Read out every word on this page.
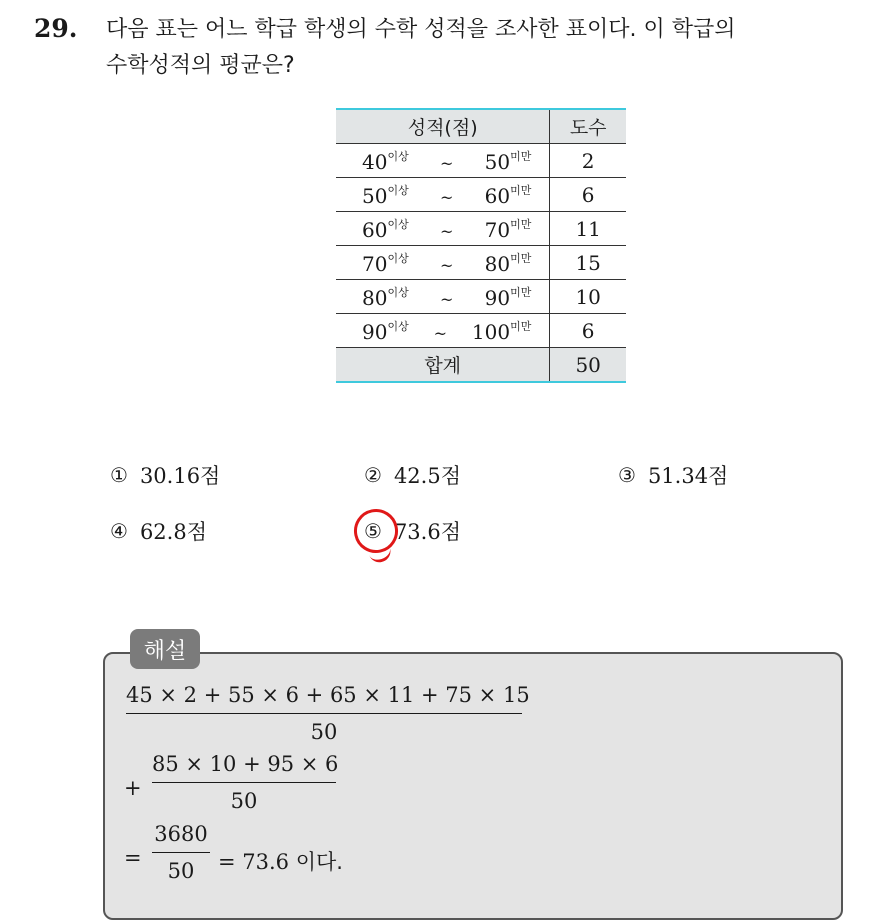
29. 다음 표는 어느 학급 학생의 수학 성적을 조사한 표이다. 이 학급의
수학성적의 평균은?
성적(점)	도수

$40^{이상}$ ~ $50^{미만}$	2

$50^{이상}$ ~ $60^{미만}$	6

$60^{이상}$ ~ $70^{미만}$	11

$70^{이상}$ ~ $80^{미만}$	15

$80^{이상}$ ~ $90^{미만}$	10

$90^{이상}$ ~ $100^{미만}$	6
합계	50
① 30.16점	② 42.5점	③ 51.34점
④ 62.8점	⑤ 73.6점
해설
$\frac{45 \times 2 + 55 \times 6 + 65 \times 11 + 75 \times 15}{50}$
+ $\frac{85 \times 10 + 95 \times 6}{50}$
= $\frac{3680}{50} = 73.6$ 이다.
